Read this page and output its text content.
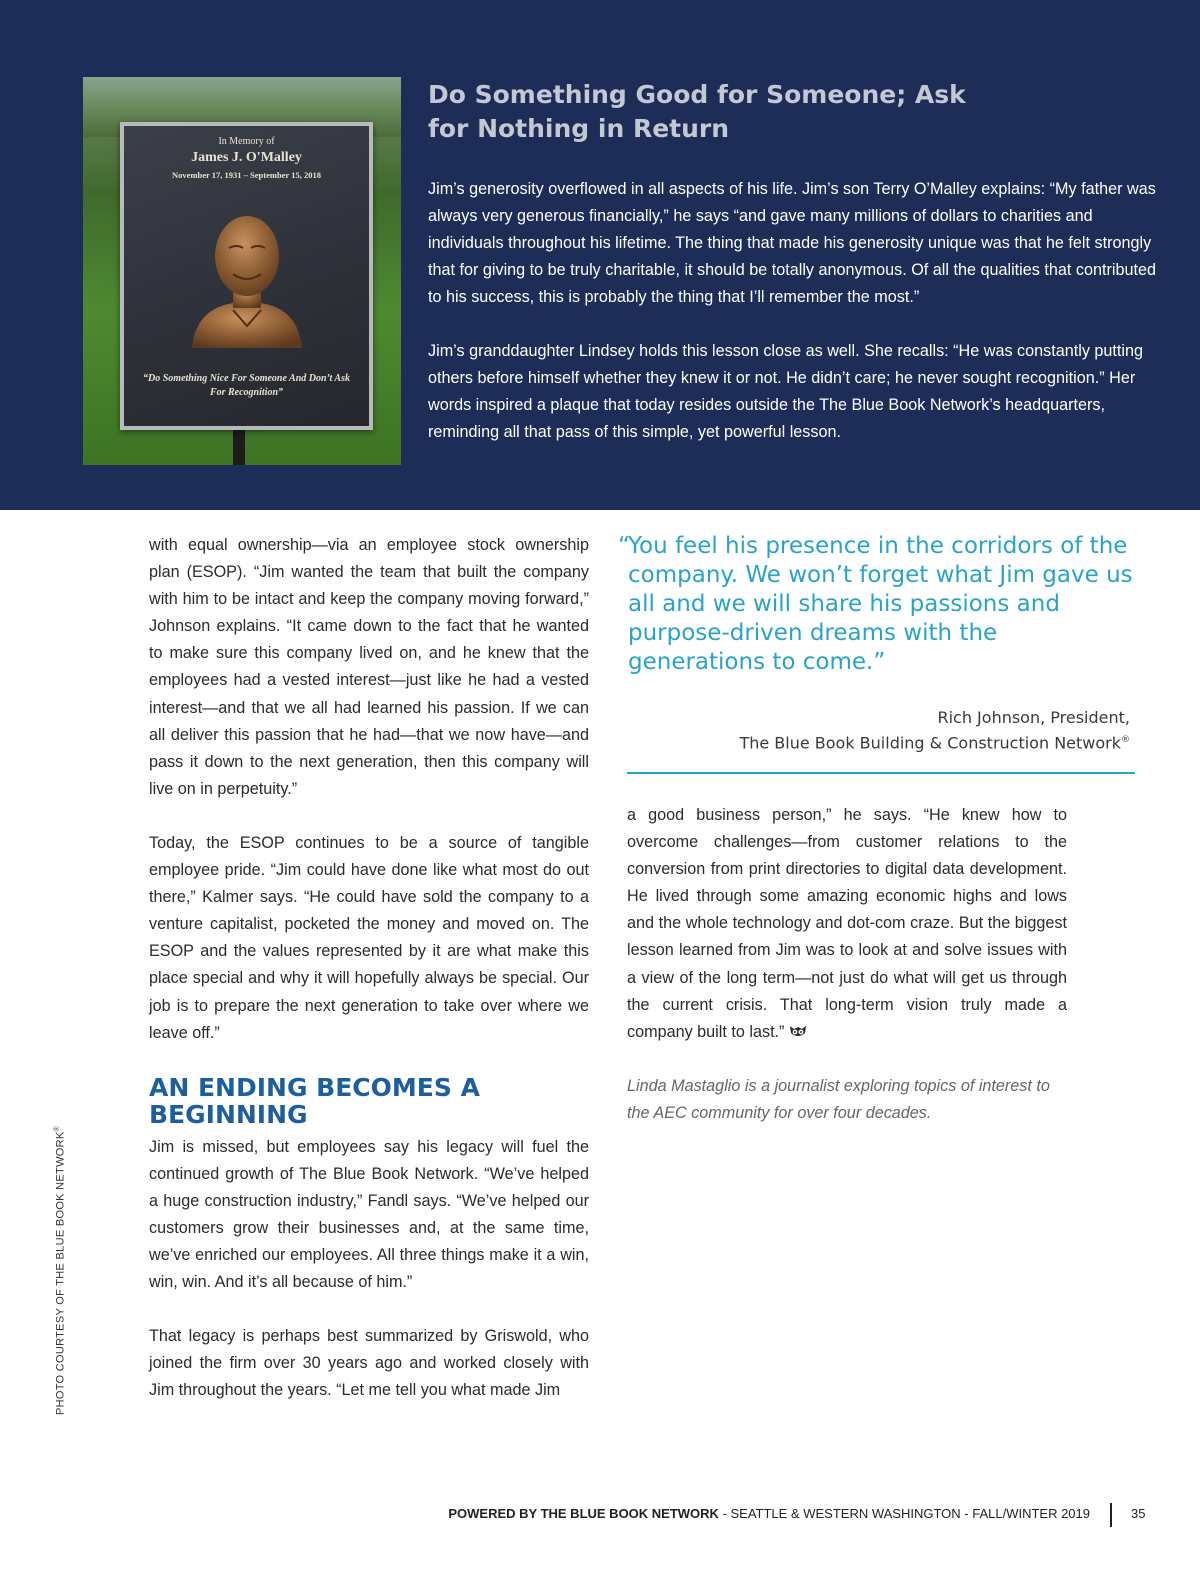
In Memory of
James J. O'Malley
November 17, 1931 – September 15, 2018
“Do Something Nice For Someone And Don’t Ask For Recognition”
Do Something Good for Someone; Ask for Nothing in Return

Jim’s generosity overflowed in all aspects of his life. Jim’s son Terry O’Malley explains: “My father was always very generous financially,” he says “and gave many millions of dollars to charities and individuals throughout his lifetime. The thing that made his generosity unique was that he felt strongly that for giving to be truly charitable, it should be totally anonymous. Of all the qualities that contributed to his success, this is probably the thing that I’ll remember the most.”

Jim’s granddaughter Lindsey holds this lesson close as well. She recalls: “He was constantly putting others before himself whether they knew it or not. He didn’t care; he never sought recognition.” Her words inspired a plaque that today resides outside the The Blue Book Network’s headquarters, reminding all that pass of this simple, yet powerful lesson.

with equal ownership—via an employee stock ownership plan (ESOP). “Jim wanted the team that built the company with him to be intact and keep the company moving forward,” Johnson explains. “It came down to the fact that he wanted to make sure this company lived on, and he knew that the employees had a vested interest—just like he had a vested interest—and that we all had learned his passion. If we can all deliver this passion that he had—that we now have—and pass it down to the next generation, then this company will live on in perpetuity.”

Today, the ESOP continues to be a source of tangible employee pride. “Jim could have done like what most do out there,” Kalmer says. “He could have sold the company to a venture capitalist, pocketed the money and moved on. The ESOP and the values represented by it are what make this place special and why it will hopefully always be special. Our job is to prepare the next generation to take over where we leave off.”

AN ENDING BECOMES A BEGINNING

Jim is missed, but employees say his legacy will fuel the continued growth of The Blue Book Network. “We’ve helped a huge construction industry,” Fandl says. “We’ve helped our customers grow their businesses and, at the same time, we’ve enriched our employees. All three things make it a win, win, win. And it’s all because of him.”

That legacy is perhaps best summarized by Griswold, who joined the firm over 30 years ago and worked closely with Jim throughout the years. “Let me tell you what made Jim

“
You feel his presence in the corridors of the company. We won’t forget what Jim gave us all and we will share his passions and purpose-driven dreams with the generations to come.”
Rich Johnson, President,
The Blue Book Building & Construction Network®

a good business person,” he says. “He knew how to overcome challenges—from customer relations to the conversion from print directories to digital data development. He lived through some amazing economic highs and lows and the whole technology and dot-com craze. But the biggest lesson learned from Jim was to look at and solve issues with a view of the long term—not just do what will get us through the current crisis. That long-term vision truly made a company built to last.”

Linda Mastaglio is a journalist exploring topics of interest to the AEC community for over four decades.

PHOTO COURTESY OF THE BLUE BOOK NETWORK®
POWERED BY THE BLUE BOOK NETWORK - SEATTLE & WESTERN WASHINGTON - FALL/WINTER 2019	35
